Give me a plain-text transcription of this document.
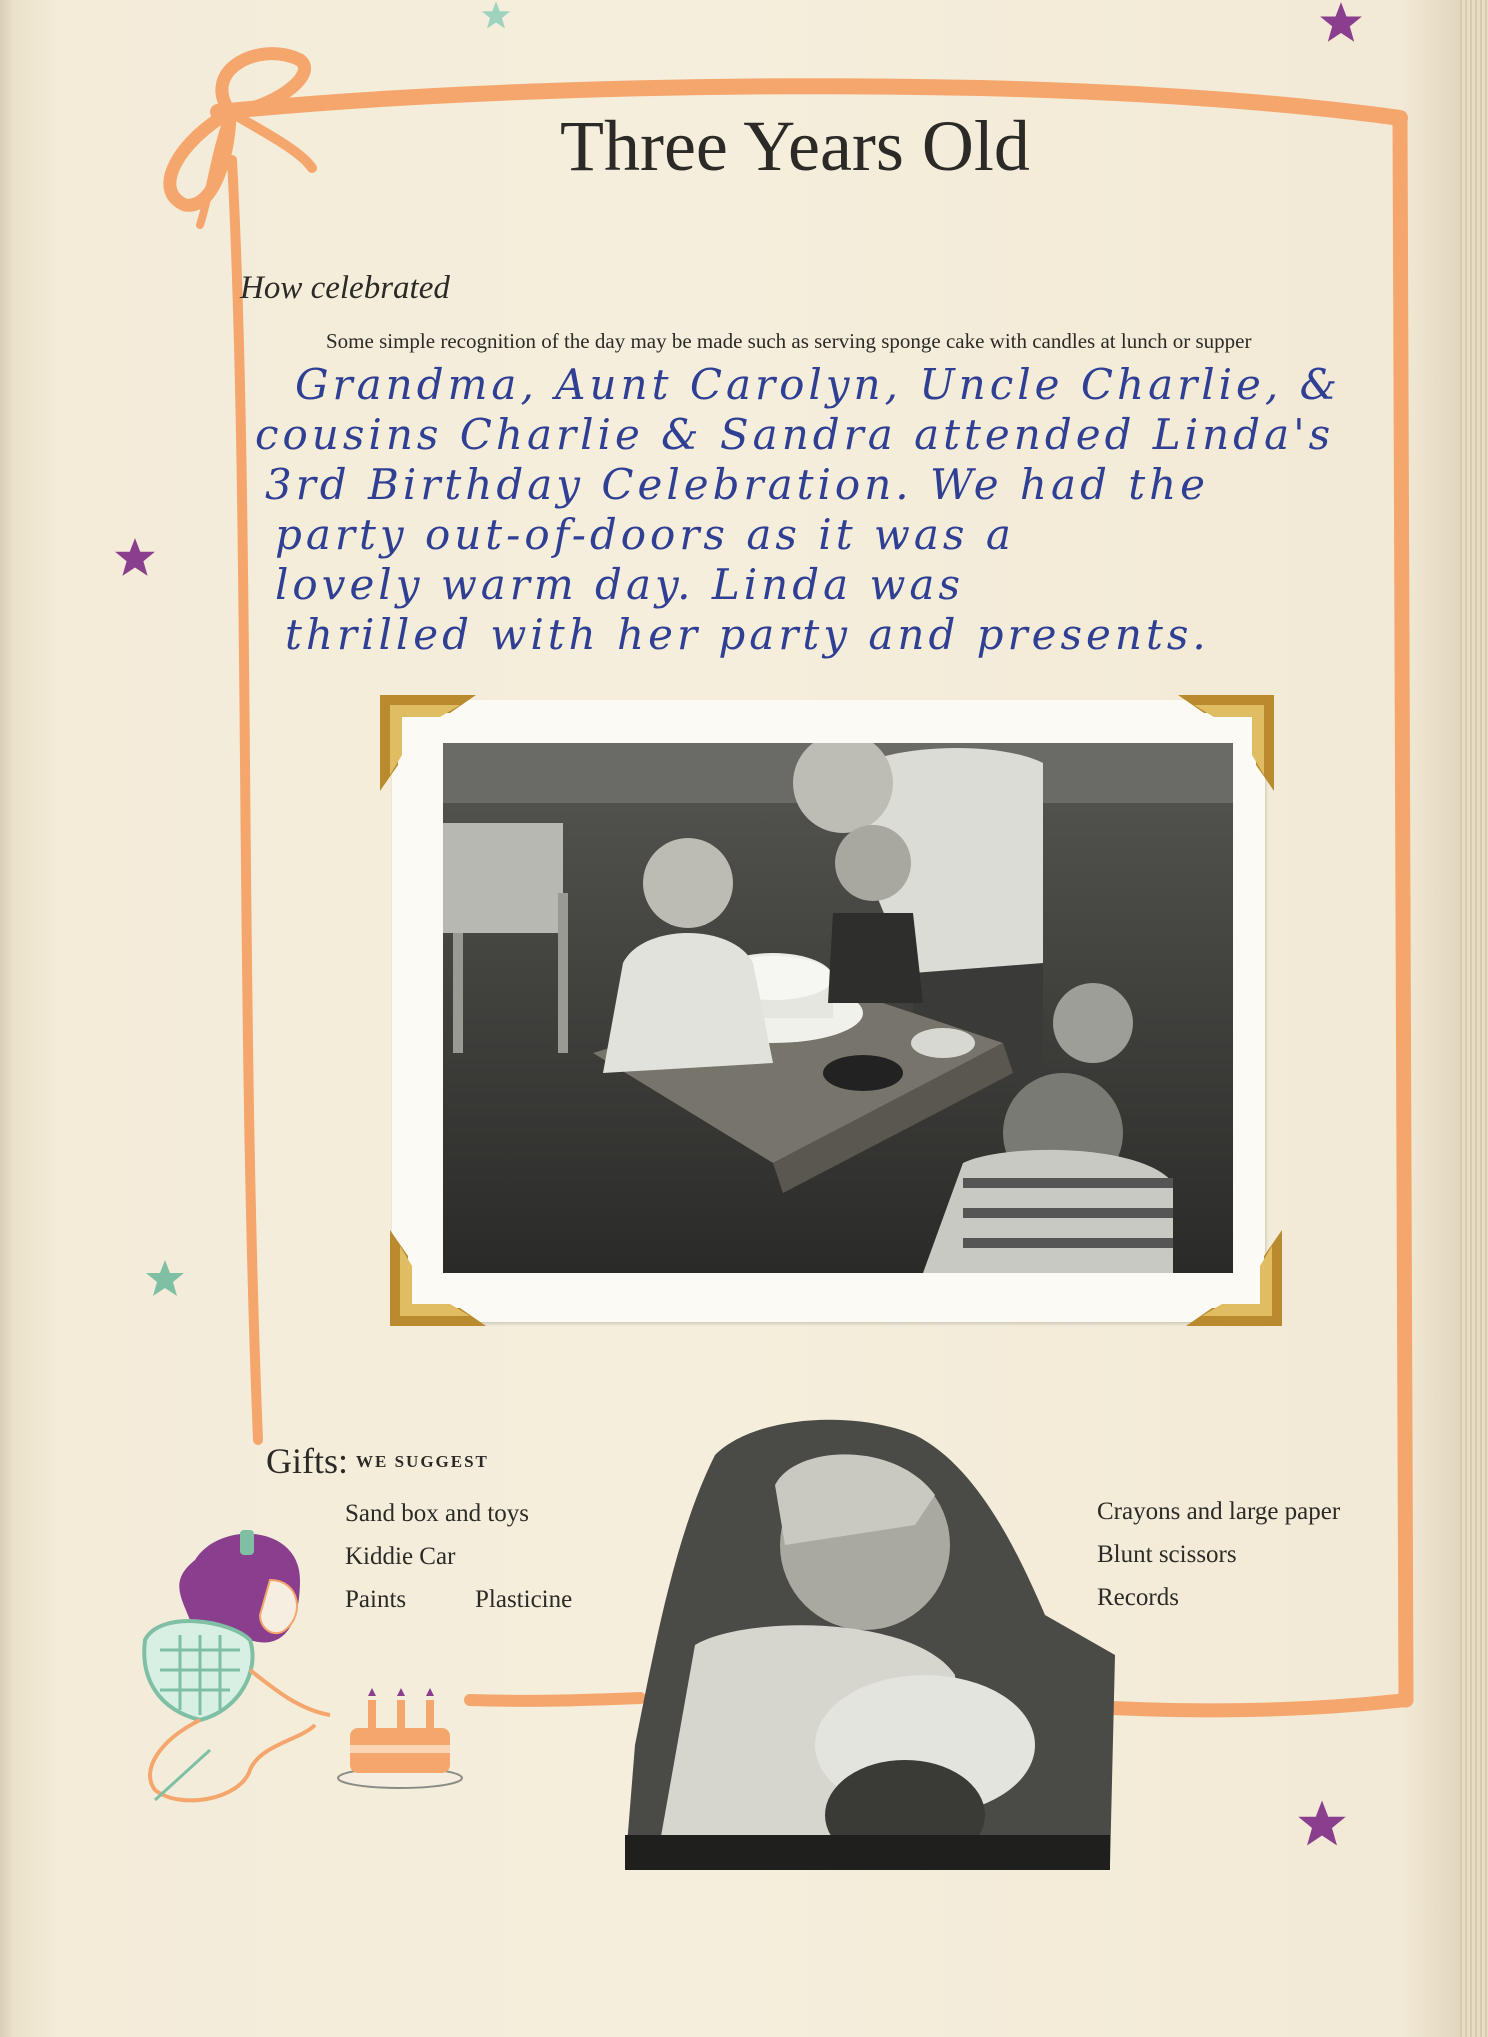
Three Years Old
How celebrated
Some simple recognition of the day may be made such as serving sponge cake with candles at lunch or supper
Grandma, Aunt Carolyn, Uncle Charlie, &
cousins Charlie & Sandra attended Linda's
3rd Birthday Celebration. We had the
party out-of-doors as it was a
lovely warm day. Linda was
thrilled with her party and presents.
Gifts: WE SUGGEST
Sand box and toys
Kiddie Car
Paints	Plasticine
Crayons and large paper
Blunt scissors
Records
